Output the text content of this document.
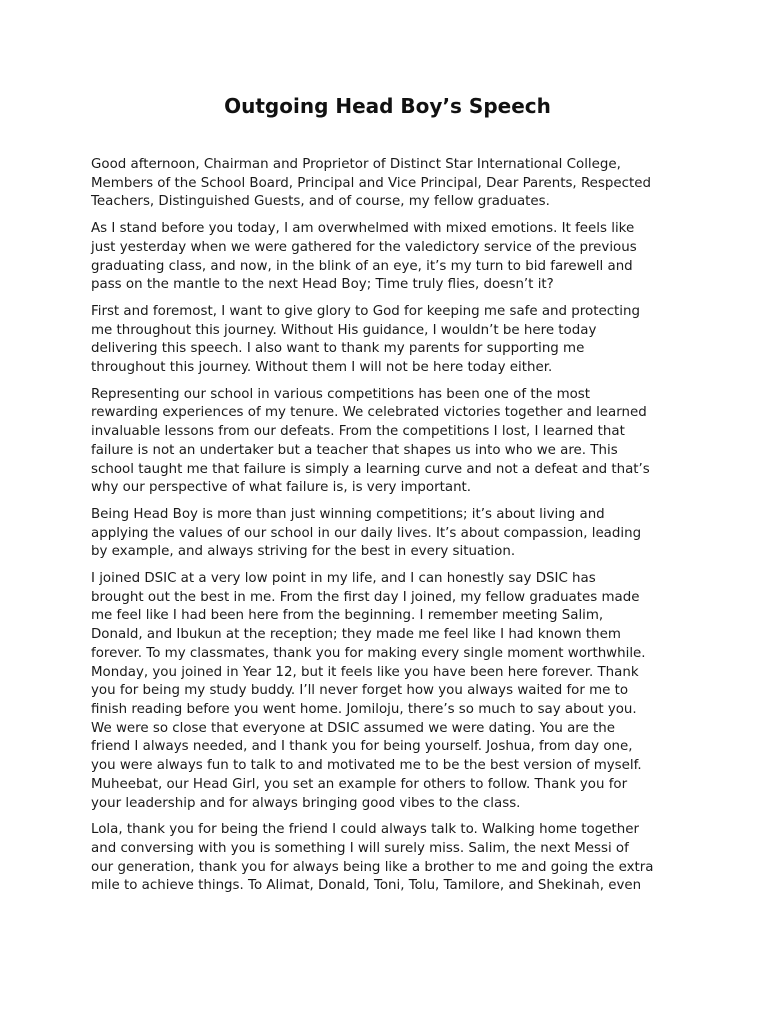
Outgoing Head Boy’s Speech

Good afternoon, Chairman and Proprietor of Distinct Star International College,
Members of the School Board, Principal and Vice Principal, Dear Parents, Respected
Teachers, Distinguished Guests, and of course, my fellow graduates.

As I stand before you today, I am overwhelmed with mixed emotions. It feels like
just yesterday when we were gathered for the valedictory service of the previous
graduating class, and now, in the blink of an eye, it’s my turn to bid farewell and
pass on the mantle to the next Head Boy; Time truly flies, doesn’t it?

First and foremost, I want to give glory to God for keeping me safe and protecting
me throughout this journey. Without His guidance, I wouldn’t be here today
delivering this speech. I also want to thank my parents for supporting me
throughout this journey. Without them I will not be here today either.

Representing our school in various competitions has been one of the most
rewarding experiences of my tenure. We celebrated victories together and learned
invaluable lessons from our defeats. From the competitions I lost, I learned that
failure is not an undertaker but a teacher that shapes us into who we are. This
school taught me that failure is simply a learning curve and not a defeat and that’s
why our perspective of what failure is, is very important.

Being Head Boy is more than just winning competitions; it’s about living and
applying the values of our school in our daily lives. It’s about compassion, leading
by example, and always striving for the best in every situation.

I joined DSIC at a very low point in my life, and I can honestly say DSIC has
brought out the best in me. From the first day I joined, my fellow graduates made
me feel like I had been here from the beginning. I remember meeting Salim,
Donald, and Ibukun at the reception; they made me feel like I had known them
forever. To my classmates, thank you for making every single moment worthwhile.
Monday, you joined in Year 12, but it feels like you have been here forever. Thank
you for being my study buddy. I’ll never forget how you always waited for me to
finish reading before you went home. Jomiloju, there’s so much to say about you.
We were so close that everyone at DSIC assumed we were dating. You are the
friend I always needed, and I thank you for being yourself. Joshua, from day one,
you were always fun to talk to and motivated me to be the best version of myself.
Muheebat, our Head Girl, you set an example for others to follow. Thank you for
your leadership and for always bringing good vibes to the class.

Lola, thank you for being the friend I could always talk to. Walking home together
and conversing with you is something I will surely miss. Salim, the next Messi of
our generation, thank you for always being like a brother to me and going the extra
mile to achieve things. To Alimat, Donald, Toni, Tolu, Tamilore, and Shekinah, even
